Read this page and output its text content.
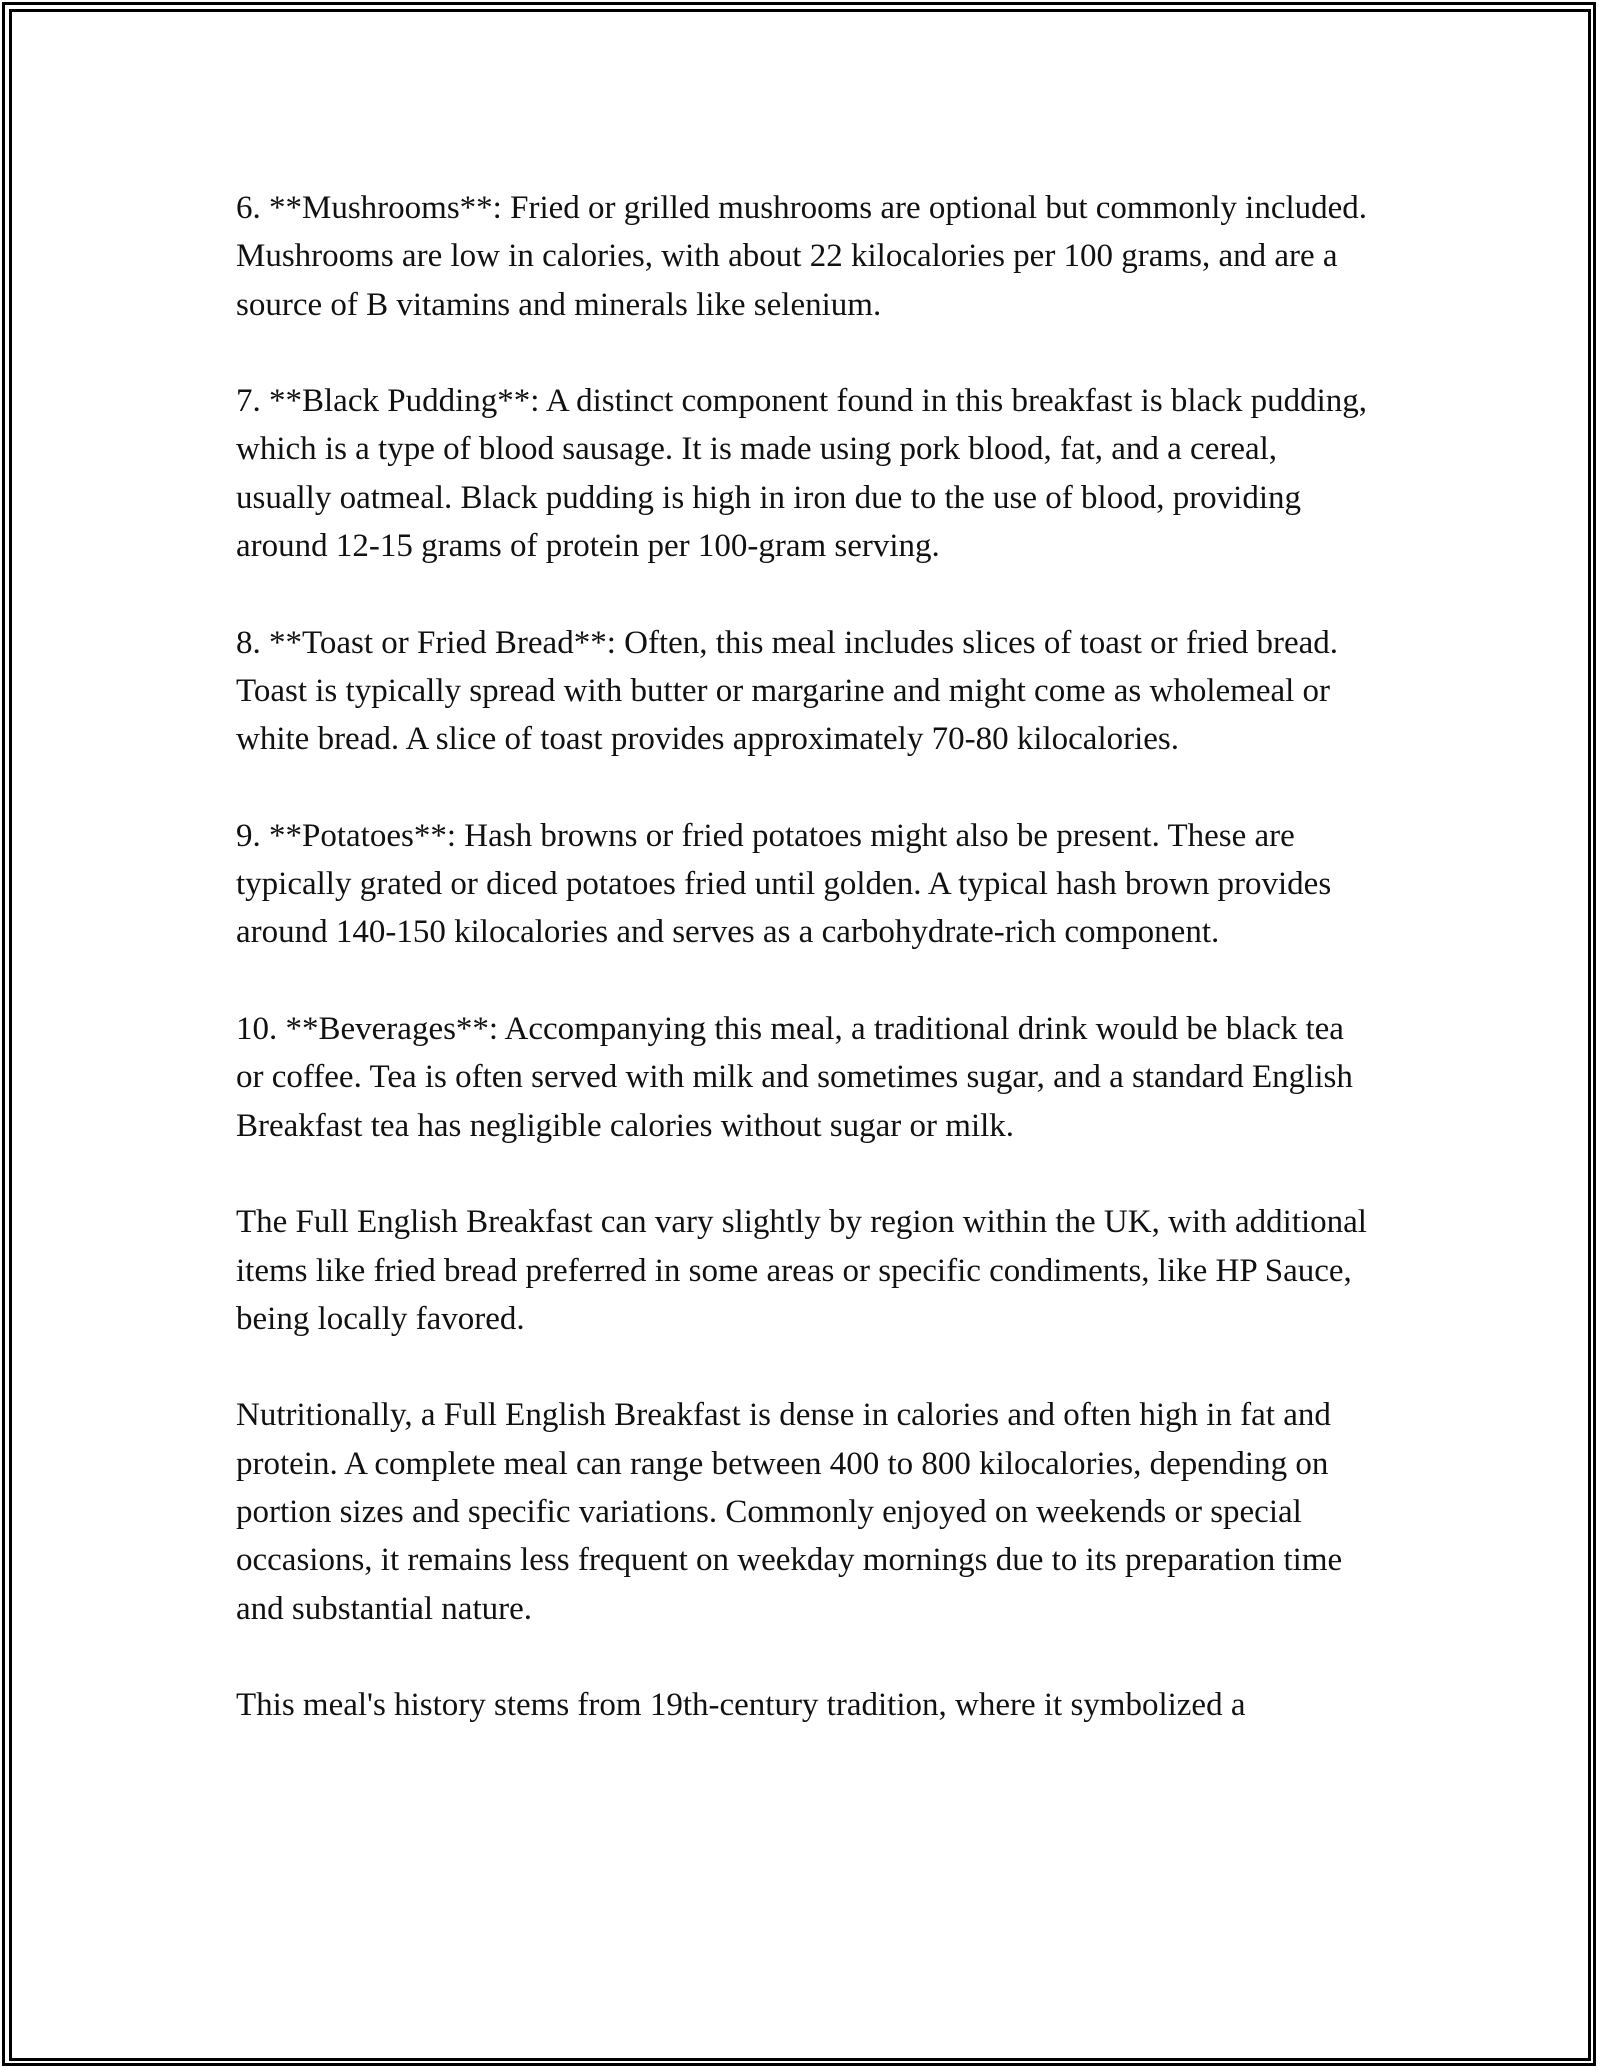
6. **Mushrooms**: Fried or grilled mushrooms are optional but commonly included. Mushrooms are low in calories, with about 22 kilocalories per 100 grams, and are a source of B vitamins and minerals like selenium.

7. **Black Pudding**: A distinct component found in this breakfast is black pudding, which is a type of blood sausage. It is made using pork blood, fat, and a cereal, usually oatmeal. Black pudding is high in iron due to the use of blood, providing around 12-15 grams of protein per 100-gram serving.

8. **Toast or Fried Bread**: Often, this meal includes slices of toast or fried bread. Toast is typically spread with butter or margarine and might come as wholemeal or white bread. A slice of toast provides approximately 70-80 kilocalories.

9. **Potatoes**: Hash browns or fried potatoes might also be present. These are typically grated or diced potatoes fried until golden. A typical hash brown provides around 140-150 kilocalories and serves as a carbohydrate-rich component.

10. **Beverages**: Accompanying this meal, a traditional drink would be black tea or coffee. Tea is often served with milk and sometimes sugar, and a standard English Breakfast tea has negligible calories without sugar or milk.

The Full English Breakfast can vary slightly by region within the UK, with additional items like fried bread preferred in some areas or specific condiments, like HP Sauce, being locally favored.

Nutritionally, a Full English Breakfast is dense in calories and often high in fat and protein. A complete meal can range between 400 to 800 kilocalories, depending on portion sizes and specific variations. Commonly enjoyed on weekends or special occasions, it remains less frequent on weekday mornings due to its preparation time and substantial nature.

This meal's history stems from 19th-century tradition, where it symbolized a
